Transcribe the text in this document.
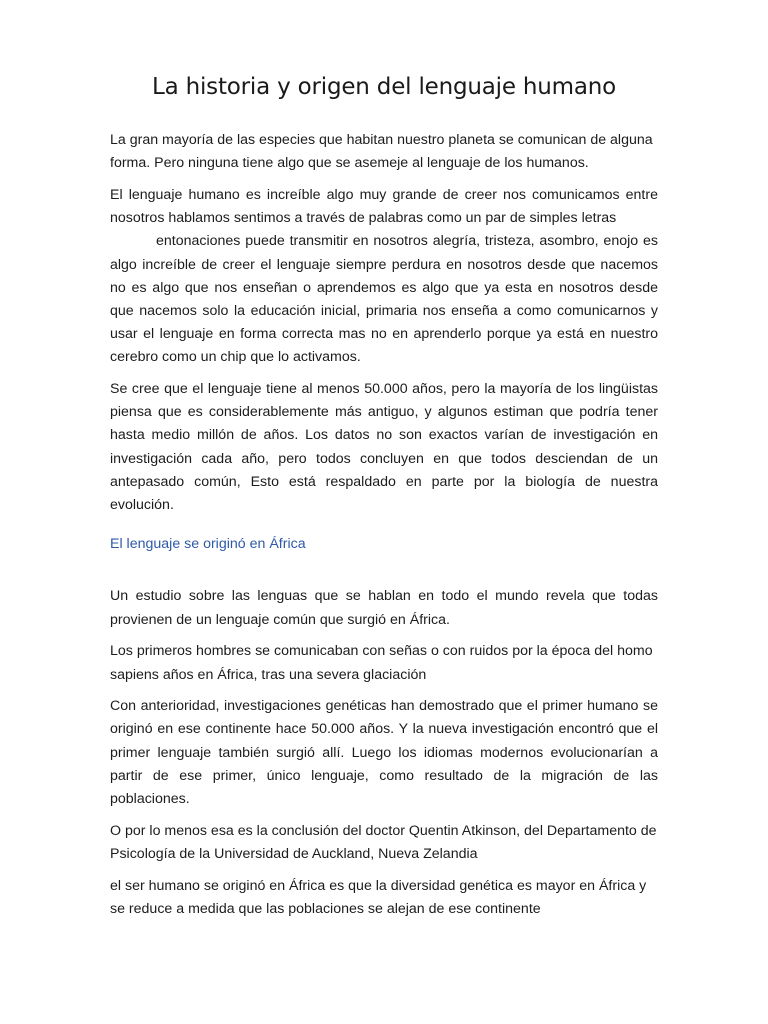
La historia y origen del lenguaje humano

La gran mayoría de las especies que habitan nuestro planeta se comunican de alguna forma. Pero ninguna tiene algo que se asemeje al lenguaje de los humanos.

El lenguaje humano es increíble algo muy grande de creer nos comunicamos entre nosotros hablamos sentimos a través de palabras como un par de simples letras
entonaciones puede transmitir en nosotros alegría, tristeza, asombro, enojo es algo increíble de creer el lenguaje siempre perdura en nosotros desde que nacemos no es algo que nos enseñan o aprendemos es algo que ya esta en nosotros desde que nacemos solo la educación inicial, primaria nos enseña a como comunicarnos y usar el lenguaje en forma correcta mas no en aprenderlo porque ya está en nuestro cerebro como un chip que lo activamos.

Se cree que el lenguaje tiene al menos 50.000 años, pero la mayoría de los lingüistas piensa que es considerablemente más antiguo, y algunos estiman que podría tener hasta medio millón de años. Los datos no son exactos varían de investigación en investigación cada año, pero todos concluyen en que todos desciendan de un antepasado común, Esto está respaldado en parte por la biología de nuestra evolución.

El lenguaje se originó en África

Un estudio sobre las lenguas que se hablan en todo el mundo revela que todas provienen de un lenguaje común que surgió en África.

Los primeros hombres se comunicaban con señas o con ruidos por la época del homo sapiens años en África, tras una severa glaciación

Con anterioridad, investigaciones genéticas han demostrado que el primer humano se originó en ese continente hace 50.000 años. Y la nueva investigación encontró que el primer lenguaje también surgió allí. Luego los idiomas modernos evolucionarían a partir de ese primer, único lenguaje, como resultado de la migración de las poblaciones.

O por lo menos esa es la conclusión del doctor Quentin Atkinson, del Departamento de Psicología de la Universidad de Auckland, Nueva Zelandia

el ser humano se originó en África es que la diversidad genética es mayor en África y se reduce a medida que las poblaciones se alejan de ese continente
